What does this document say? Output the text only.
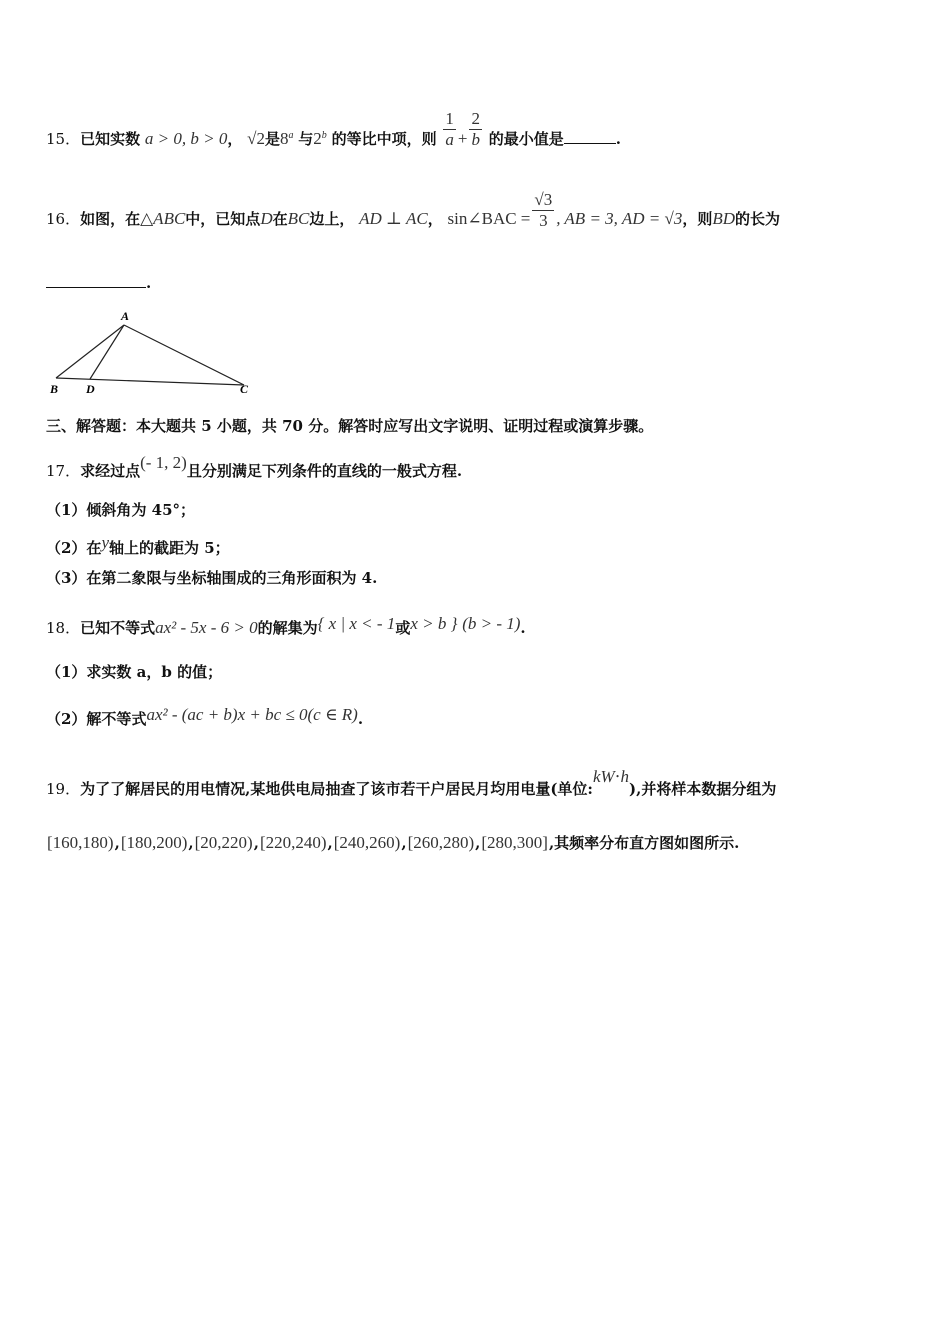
15．已知实数 a > 0, b > 0， √2是8$^a$ 与2$^b$ 的等比中项，则 $\frac{1}{a} + \frac{2}{b}$ 的最小值是	.
16．如图，在△ABC中，已知点D在BC边上， AD ⊥ AC， sin∠BAC = $\frac{√3}{3}$ , AB = 3, AD = √3，则BD的长为
.
A
B D	C
三、解答题：本大题共 5 小题，共 70 分。解答时应写出文字说明、证明过程或演算步骤。
17．求经过点(- 1, 2)且分别满足下列条件的直线的一般式方程.
（1）倾斜角为 45°；
（2）在y轴上的截距为 5；
（3）在第二象限与坐标轴围成的三角形面积为 4.
18．已知不等式ax² - 5x - 6 > 0的解集为{ x | x < - 1或x > b } (b > - 1).
（1）求实数 a，b 的值；
（2）解不等式ax² - (ac + b)x + bc ≤ 0(c ∈ R).
19．为了了解居民的用电情况,某地供电局抽查了该市若干户居民月均用电量(单位:kW⋅h),并将样本数据分组为
[160,180),[180,200),[20,220),[220,240),[240,260),[260,280),[280,300],其频率分布直方图如图所示.
